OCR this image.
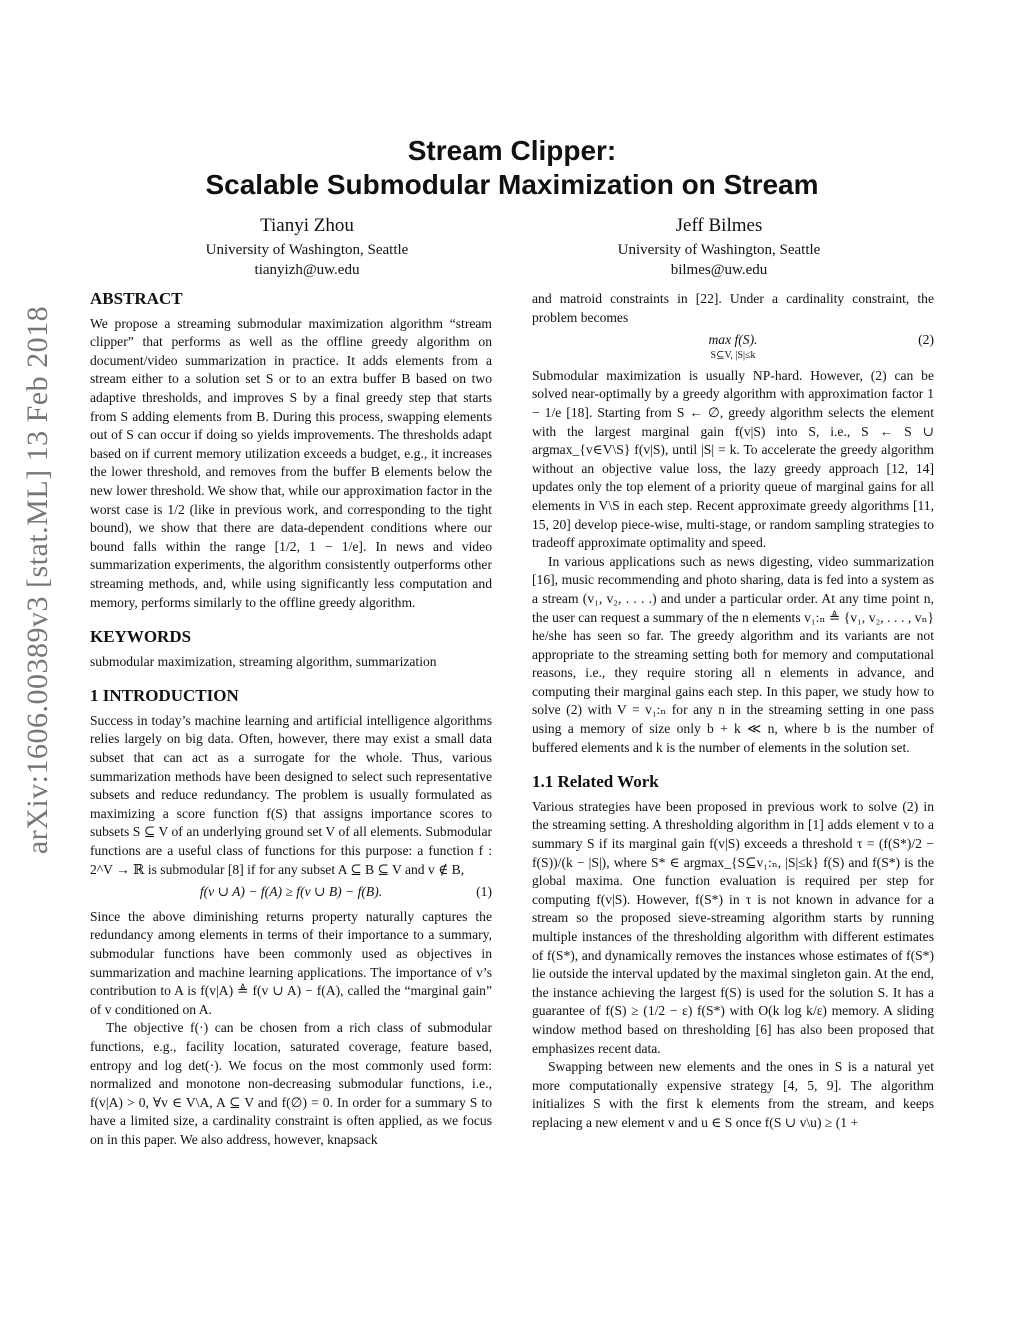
arXiv:1606.00389v3 [stat.ML] 13 Feb 2018
Stream Clipper:
Scalable Submodular Maximization on Stream
Tianyi Zhou
University of Washington, Seattle
tianyizh@uw.edu
Jeff Bilmes
University of Washington, Seattle
bilmes@uw.edu
ABSTRACT

We propose a streaming submodular maximization algorithm “stream clipper” that performs as well as the offline greedy algorithm on document/video summarization in practice. It adds elements from a stream either to a solution set S or to an extra buffer B based on two adaptive thresholds, and improves S by a final greedy step that starts from S adding elements from B. During this process, swapping elements out of S can occur if doing so yields improvements. The thresholds adapt based on if current memory utilization exceeds a budget, e.g., it increases the lower threshold, and removes from the buffer B elements below the new lower threshold. We show that, while our approximation factor in the worst case is 1/2 (like in previous work, and corresponding to the tight bound), we show that there are data-dependent conditions where our bound falls within the range [1/2, 1 − 1/e]. In news and video summarization experiments, the algorithm consistently outperforms other streaming methods, and, while using significantly less computation and memory, performs similarly to the offline greedy algorithm.

KEYWORDS

submodular maximization, streaming algorithm, summarization

1 INTRODUCTION

Success in today’s machine learning and artificial intelligence algorithms relies largely on big data. Often, however, there may exist a small data subset that can act as a surrogate for the whole. Thus, various summarization methods have been designed to select such representative subsets and reduce redundancy. The problem is usually formulated as maximizing a score function f(S) that assigns importance scores to subsets S ⊆ V of an underlying ground set V of all elements. Submodular functions are a useful class of functions for this purpose: a function f : 2^V → ℝ is submodular [8] if for any subset A ⊆ B ⊆ V and v ∉ B,

f(v ∪ A) − f(A) ≥ f(v ∪ B) − f(B).	(1)

Since the above diminishing returns property naturally captures the redundancy among elements in terms of their importance to a summary, submodular functions have been commonly used as objectives in summarization and machine learning applications. The importance of v’s contribution to A is f(v|A) ≜ f(v ∪ A) − f(A), called the “marginal gain” of v conditioned on A.

The objective f(·) can be chosen from a rich class of submodular functions, e.g., facility location, saturated coverage, feature based, entropy and log det(·). We focus on the most commonly used form: normalized and monotone non-decreasing submodular functions, i.e., f(v|A) > 0, ∀v ∈ V\A, A ⊆ V and f(∅) = 0. In order for a summary S to have a limited size, a cardinality constraint is often applied, as we focus on in this paper. We also address, however, knapsack

and matroid constraints in [22]. Under a cardinality constraint, the problem becomes

max f(S).
S⊆V, |S|≤k
(2)

Submodular maximization is usually NP-hard. However, (2) can be solved near-optimally by a greedy algorithm with approximation factor 1 − 1/e [18]. Starting from S ← ∅, greedy algorithm selects the element with the largest marginal gain f(v|S) into S, i.e., S ← S ∪ argmax_{v∈V\S} f(v|S), until |S| = k. To accelerate the greedy algorithm without an objective value loss, the lazy greedy approach [12, 14] updates only the top element of a priority queue of marginal gains for all elements in V\S in each step. Recent approximate greedy algorithms [11, 15, 20] develop piece-wise, multi-stage, or random sampling strategies to tradeoff approximate optimality and speed.

In various applications such as news digesting, video summarization [16], music recommending and photo sharing, data is fed into a system as a stream (v₁, v₂, . . . .) and under a particular order. At any time point n, the user can request a summary of the n elements v₁:ₙ ≜ {v₁, v₂, . . . , vₙ} he/she has seen so far. The greedy algorithm and its variants are not appropriate to the streaming setting both for memory and computational reasons, i.e., they require storing all n elements in advance, and computing their marginal gains each step. In this paper, we study how to solve (2) with V = v₁:ₙ for any n in the streaming setting in one pass using a memory of size only b + k ≪ n, where b is the number of buffered elements and k is the number of elements in the solution set.

1.1 Related Work

Various strategies have been proposed in previous work to solve (2) in the streaming setting. A thresholding algorithm in [1] adds element v to a summary S if its marginal gain f(v|S) exceeds a threshold τ = (f(S*)/2 − f(S))/(k − |S|), where S* ∈ argmax_{S⊆v₁:ₙ, |S|≤k} f(S) and f(S*) is the global maxima. One function evaluation is required per step for computing f(v|S). However, f(S*) in τ is not known in advance for a stream so the proposed sieve-streaming algorithm starts by running multiple instances of the thresholding algorithm with different estimates of f(S*), and dynamically removes the instances whose estimates of f(S*) lie outside the interval updated by the maximal singleton gain. At the end, the instance achieving the largest f(S) is used for the solution S. It has a guarantee of f(S) ≥ (1/2 − ε) f(S*) with O(k log k/ε) memory. A sliding window method based on thresholding [6] has also been proposed that emphasizes recent data.

Swapping between new elements and the ones in S is a natural yet more computationally expensive strategy [4, 5, 9]. The algorithm initializes S with the first k elements from the stream, and keeps replacing a new element v and u ∈ S once f(S ∪ v\u) ≥ (1 +
